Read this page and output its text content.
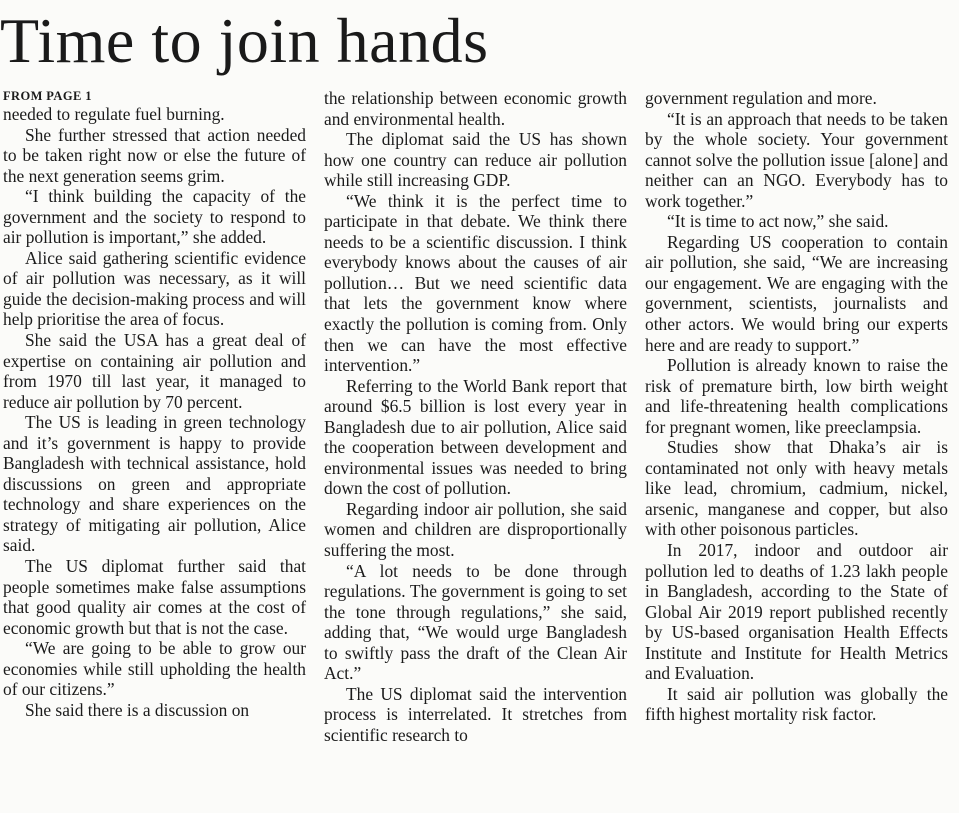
Time to join hands
FROM PAGE 1

needed to regulate fuel burning.

She further stressed that action needed to be taken right now or else the future of the next generation seems grim.

“I think building the capacity of the government and the society to respond to air pollution is important,” she added.

Alice said gathering scientific evidence of air pollution was necessary, as it will guide the decision-making process and will help prioritise the area of focus.

She said the USA has a great deal of expertise on containing air pollution and from 1970 till last year, it managed to reduce air pollution by 70 percent.

The US is leading in green technology and it’s government is happy to provide Bangladesh with technical assistance, hold discussions on green and appropriate technology and share experiences on the strategy of mitigating air pollution, Alice said.

The US diplomat further said that people sometimes make false assumptions that good quality air comes at the cost of economic growth but that is not the case.

“We are going to be able to grow our economies while still upholding the health of our citizens.”

She said there is a discussion on

the relationship between economic growth and environmental health.

The diplomat said the US has shown how one country can reduce air pollution while still increasing GDP.

“We think it is the perfect time to participate in that debate. We think there needs to be a scientific discussion. I think everybody knows about the causes of air pollution… But we need scientific data that lets the government know where exactly the pollution is coming from. Only then we can have the most effective intervention.”

Referring to the World Bank report that around $6.5 billion is lost every year in Bangladesh due to air pollution, Alice said the cooperation between development and environmental issues was needed to bring down the cost of pollution.

Regarding indoor air pollution, she said women and children are disproportionally suffering the most.

“A lot needs to be done through regulations. The government is going to set the tone through regulations,” she said, adding that, “We would urge Bangladesh to swiftly pass the draft of the Clean Air Act.”

The US diplomat said the intervention process is interrelated. It stretches from scientific research to

government regulation and more.

“It is an approach that needs to be taken by the whole society. Your government cannot solve the pollution issue [alone] and neither can an NGO. Everybody has to work together.”

“It is time to act now,” she said.

Regarding US cooperation to contain air pollution, she said, “We are increasing our engagement. We are engaging with the government, scientists, journalists and other actors. We would bring our experts here and are ready to support.”

Pollution is already known to raise the risk of premature birth, low birth weight and life-threatening health complications for pregnant women, like preeclampsia.

Studies show that Dhaka’s air is contaminated not only with heavy metals like lead, chromium, cadmium, nickel, arsenic, manganese and copper, but also with other poisonous particles.

In 2017, indoor and outdoor air pollution led to deaths of 1.23 lakh people in Bangladesh, according to the State of Global Air 2019 report published recently by US-based organisation Health Effects Institute and Institute for Health Metrics and Evaluation.

It said air pollution was globally the fifth highest mortality risk factor.
